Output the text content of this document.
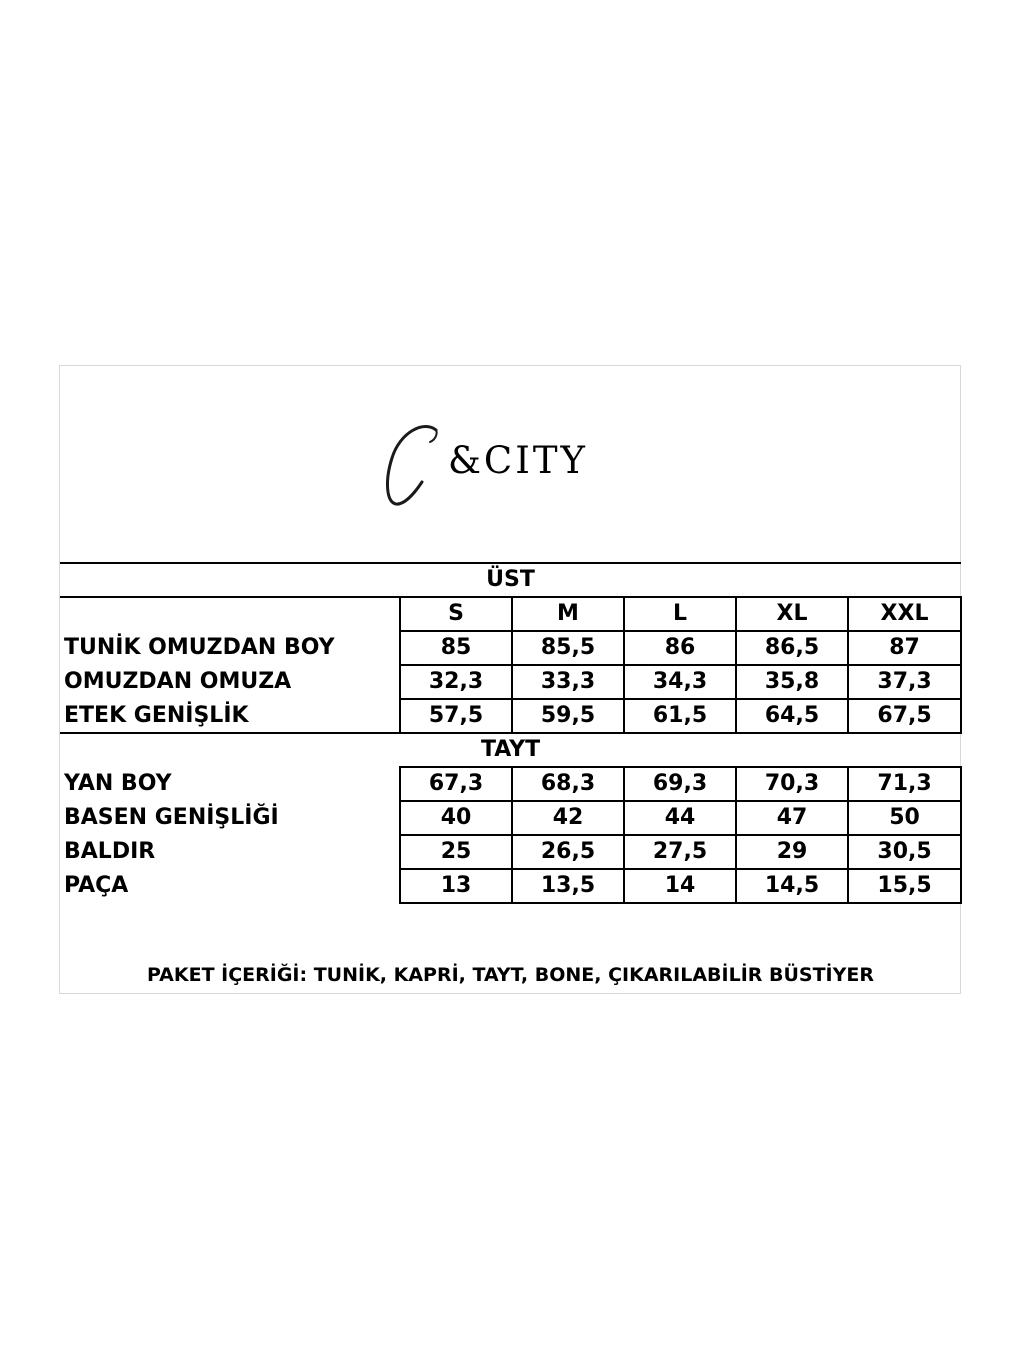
&CITY
ÜST					
	S	M	L	XL	XXL
TUNİK OMUZDAN BOY	85	85,5	86	86,5	87
OMUZDAN OMUZA	32,3	33,3	34,3	35,8	37,3
ETEK GENİŞLİK	57,5	59,5	61,5	64,5	67,5
TAYT					
YAN BOY	67,3	68,3	69,3	70,3	71,3
BASEN GENİŞLİĞİ	40	42	44	47	50
BALDIR	25	26,5	27,5	29	30,5
PAÇA	13	13,5	14	14,5	15,5
PAKET İÇERİĞİ: TUNİK, KAPRİ, TAYT, BONE, ÇIKARILABİLİR BÜSTİYER
